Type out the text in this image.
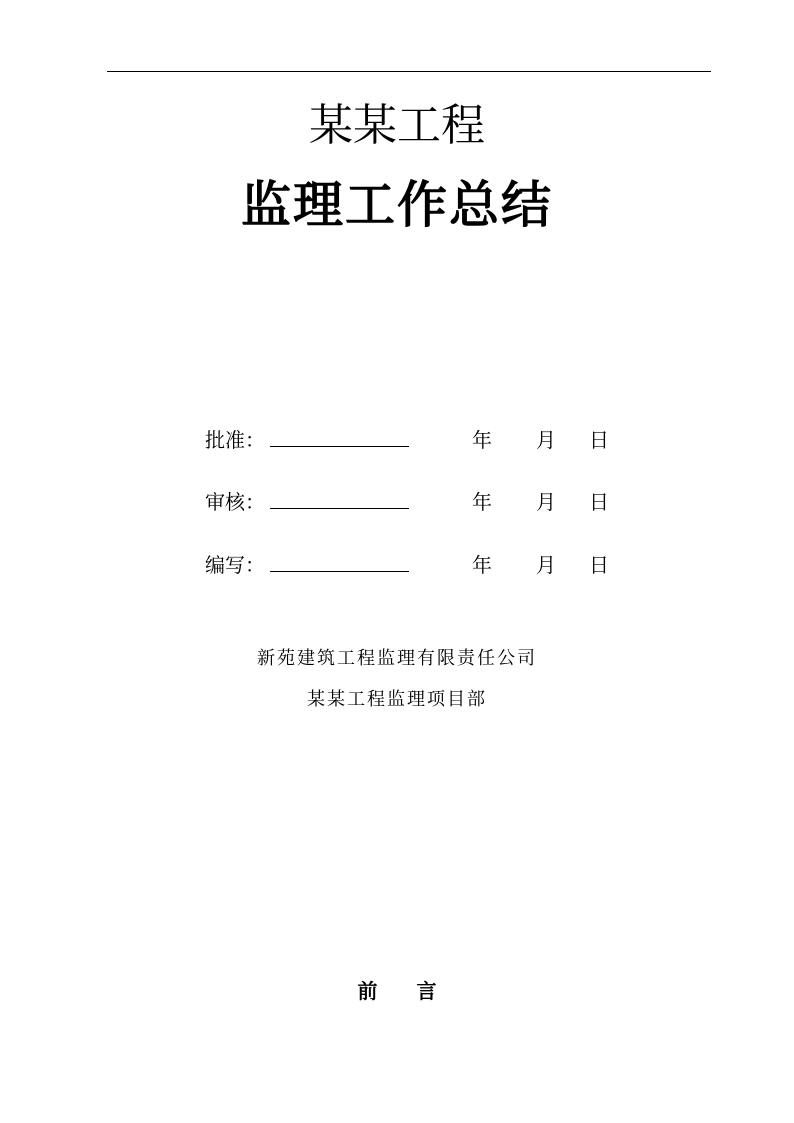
某某工程
监理工作总结
批准：	年 月 日
审核：	年 月 日
编写：	年 月 日
新苑建筑工程监理有限责任公司
某某工程监理项目部
前 言
